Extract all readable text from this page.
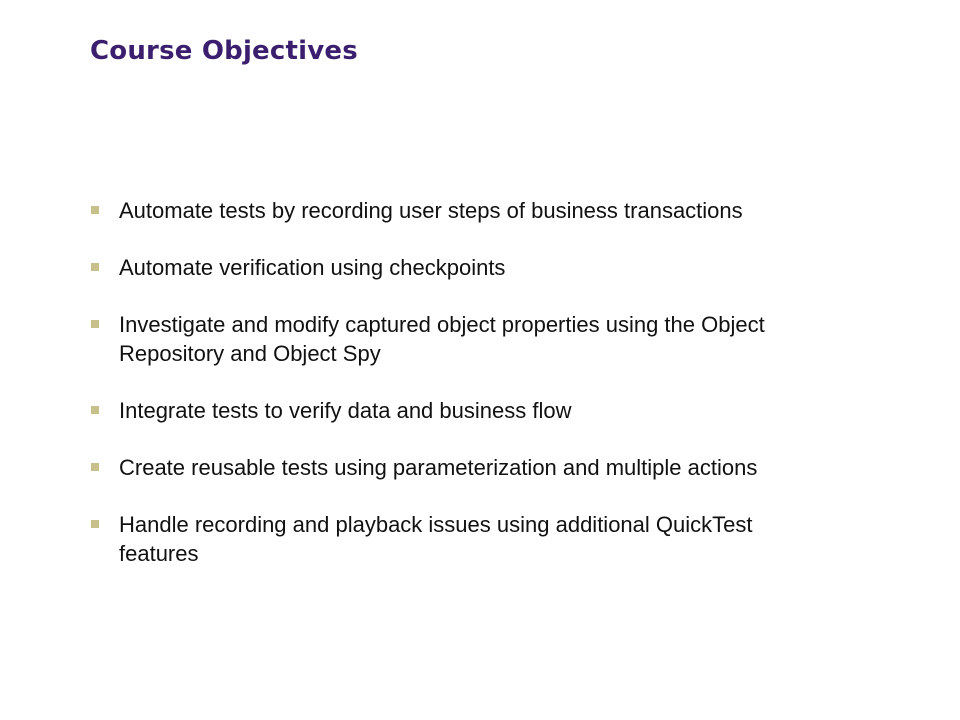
Course Objectives
Automate tests by recording user steps of business transactions
Automate verification using checkpoints
Investigate and modify captured object properties using the Object Repository and Object Spy
Integrate tests to verify data and business flow
Create reusable tests using parameterization and multiple actions
Handle recording and playback issues using additional QuickTest features
